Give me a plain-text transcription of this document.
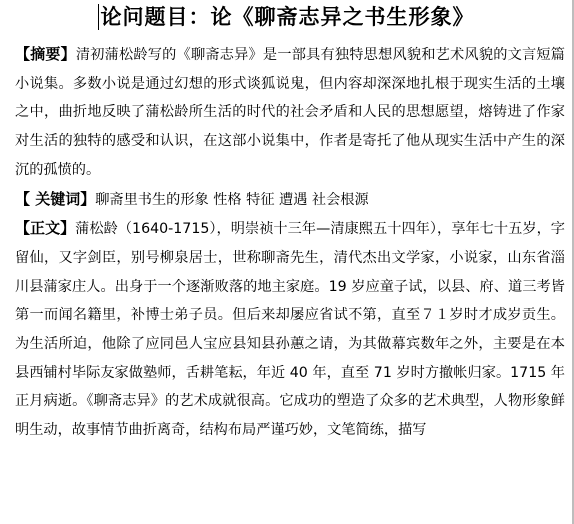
论问题目：论《聊斋志异之书生形象》

【摘要】清初蒲松龄写的《聊斋志异》是一部具有独特思想风貌和艺术风貌的文言短篇小说集。多数小说是通过幻想的形式谈狐说鬼，但内容却深深地扎根于现实生活的土壤之中，曲折地反映了蒲松龄所生活的时代的社会矛盾和人民的思想愿望，熔铸进了作家对生活的独特的感受和认识，在这部小说集中，作者是寄托了他从现实生活中产生的深沉的孤愤的。

【 关键词】聊斋里书生的形象 性格 特征 遭遇 社会根源

【正文】蒲松龄（1640-1715），明崇祯十三年—清康熙五十四年），享年七十五岁，字留仙，又字剑臣，别号柳泉居士，世称聊斋先生，清代杰出文学家，小说家，山东省淄川县蒲家庄人。出身于一个逐渐败落的地主家庭。19 岁应童子试，以县、府、道三考皆第一而闻名籍里，补博士弟子员。但后来却屡应省试不第，直至７１岁时才成岁贡生。为生活所迫，他除了应同邑人宝应县知县孙蕙之请，为其做幕宾数年之外，主要是在本县西铺村毕际友家做塾师，舌耕笔耘，年近 40 年，直至 71 岁时方撤帐归家。1715 年正月病逝。《聊斋志异》的艺术成就很高。它成功的塑造了众多的艺术典型，人物形象鲜明生动，故事情节曲折离奇，结构布局严谨巧妙，文笔简练，描写
